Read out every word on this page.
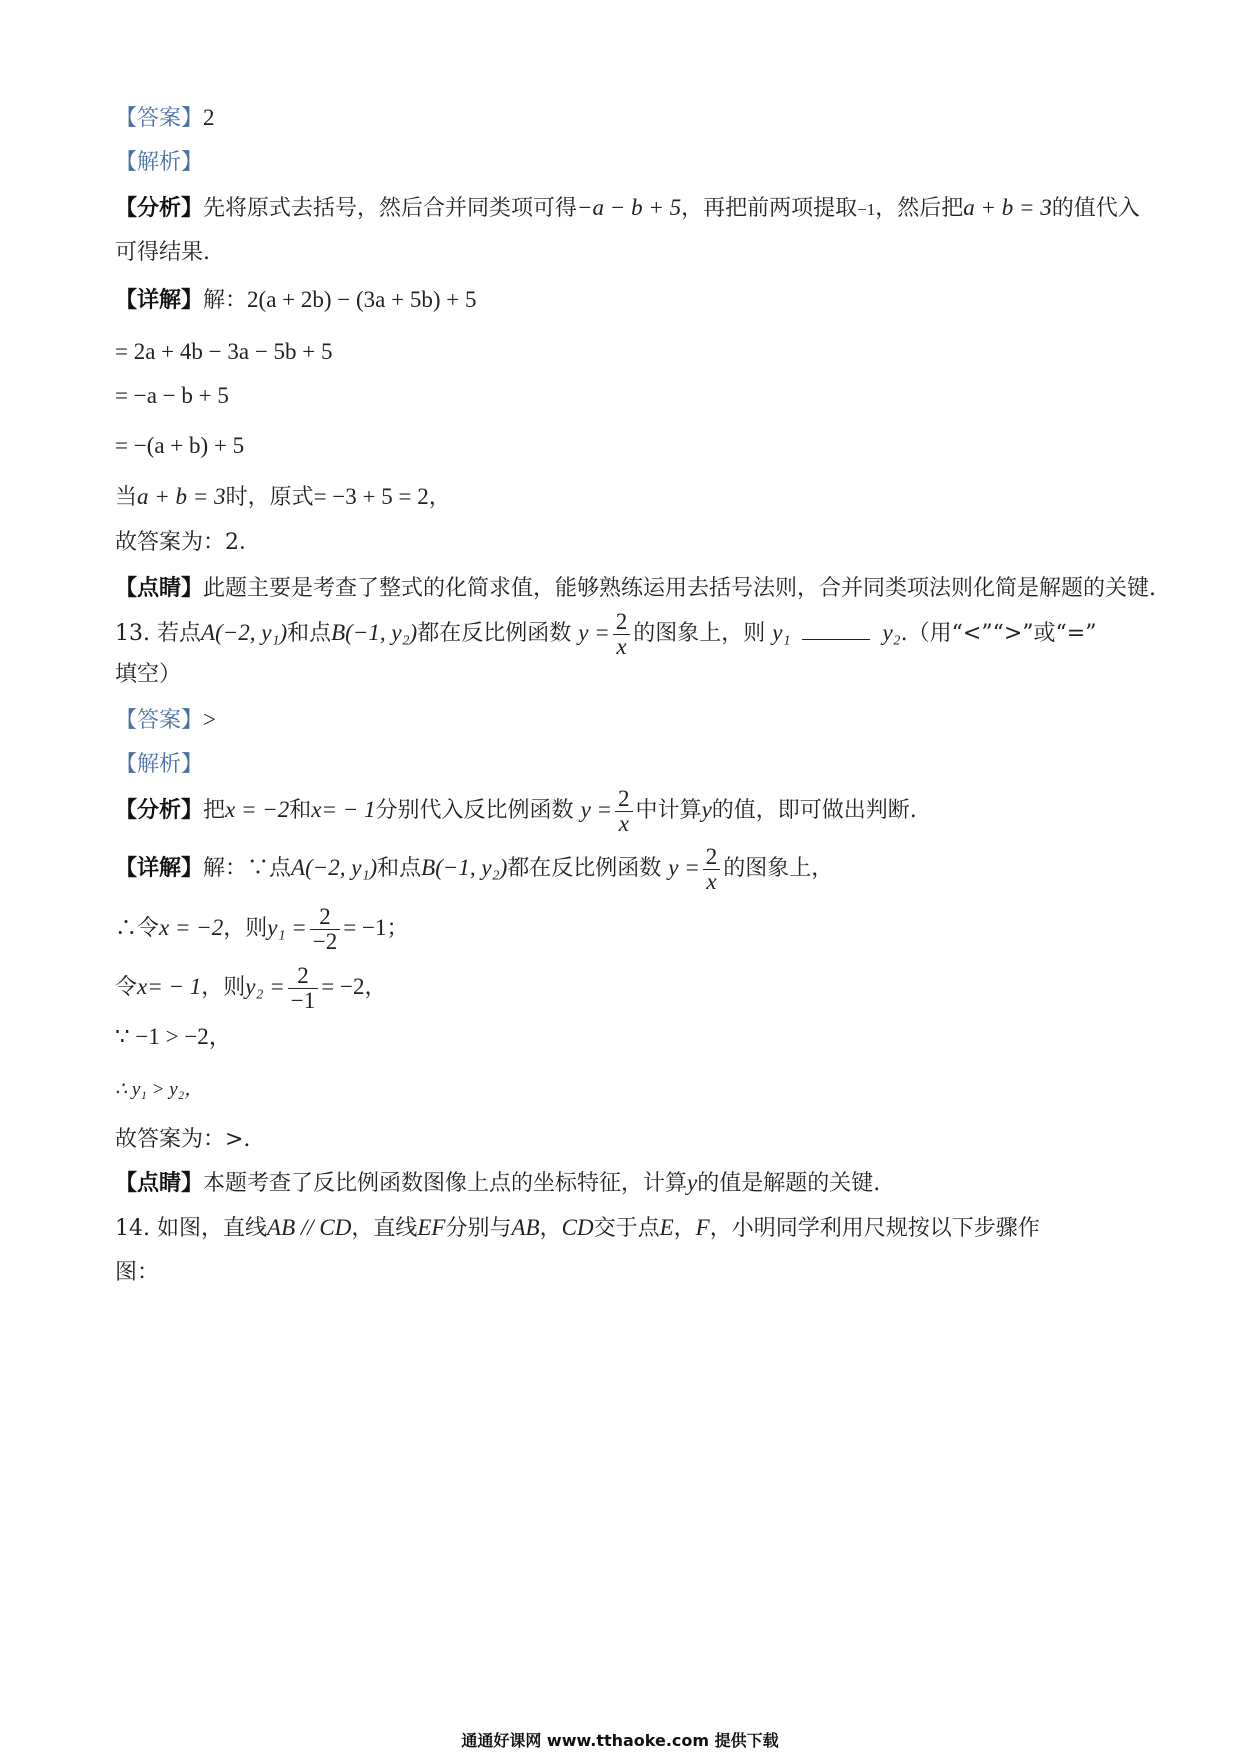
【答案】2
【解析】
【分析】先将原式去括号，然后合并同类项可得−a − b + 5，再把前两项提取−1，然后把a + b = 3的值代入
可得结果.
【详解】解：2(a + 2b) − (3a + 5b) + 5
= 2a + 4b − 3a − 5b + 5
= −a − b + 5
= −(a + b) + 5
当a + b = 3时，原式= −3 + 5 = 2，
故答案为：2．
【点睛】此题主要是考查了整式的化简求值，能够熟练运用去括号法则，合并同类项法则化简是解题的关键.
13. 若点A(−2, y₁)和点B(−1, y₂)都在反比例函数 $y = \frac{2}{x}$ 的图象上，则 y₁	y₂.（用“<”“>”或“=”
填空）
【答案】>
【解析】
【分析】把x = −2和x= − 1分别代入反比例函数 $y = \frac{2}{x}$ 中计算y的值，即可做出判断.
【详解】解：∵点A(−2, y₁)和点B(−1, y₂)都在反比例函数 $y = \frac{2}{x}$ 的图象上，
∴令x = −2，则$y_1 = \frac{2}{-2} = -1$；
令x= − 1，则$y_2 = \frac{2}{-1} = -2$，
∵ −1 > −2，
∴ y₁ > y₂，
故答案为：>.
【点睛】本题考查了反比例函数图像上点的坐标特征，计算y的值是解题的关键.
14. 如图，直线AB // CD，直线EF分别与AB，CD交于点E，F，小明同学利用尺规按以下步骤作
图：
通通好课网 www.tthaoke.com 提供下载
